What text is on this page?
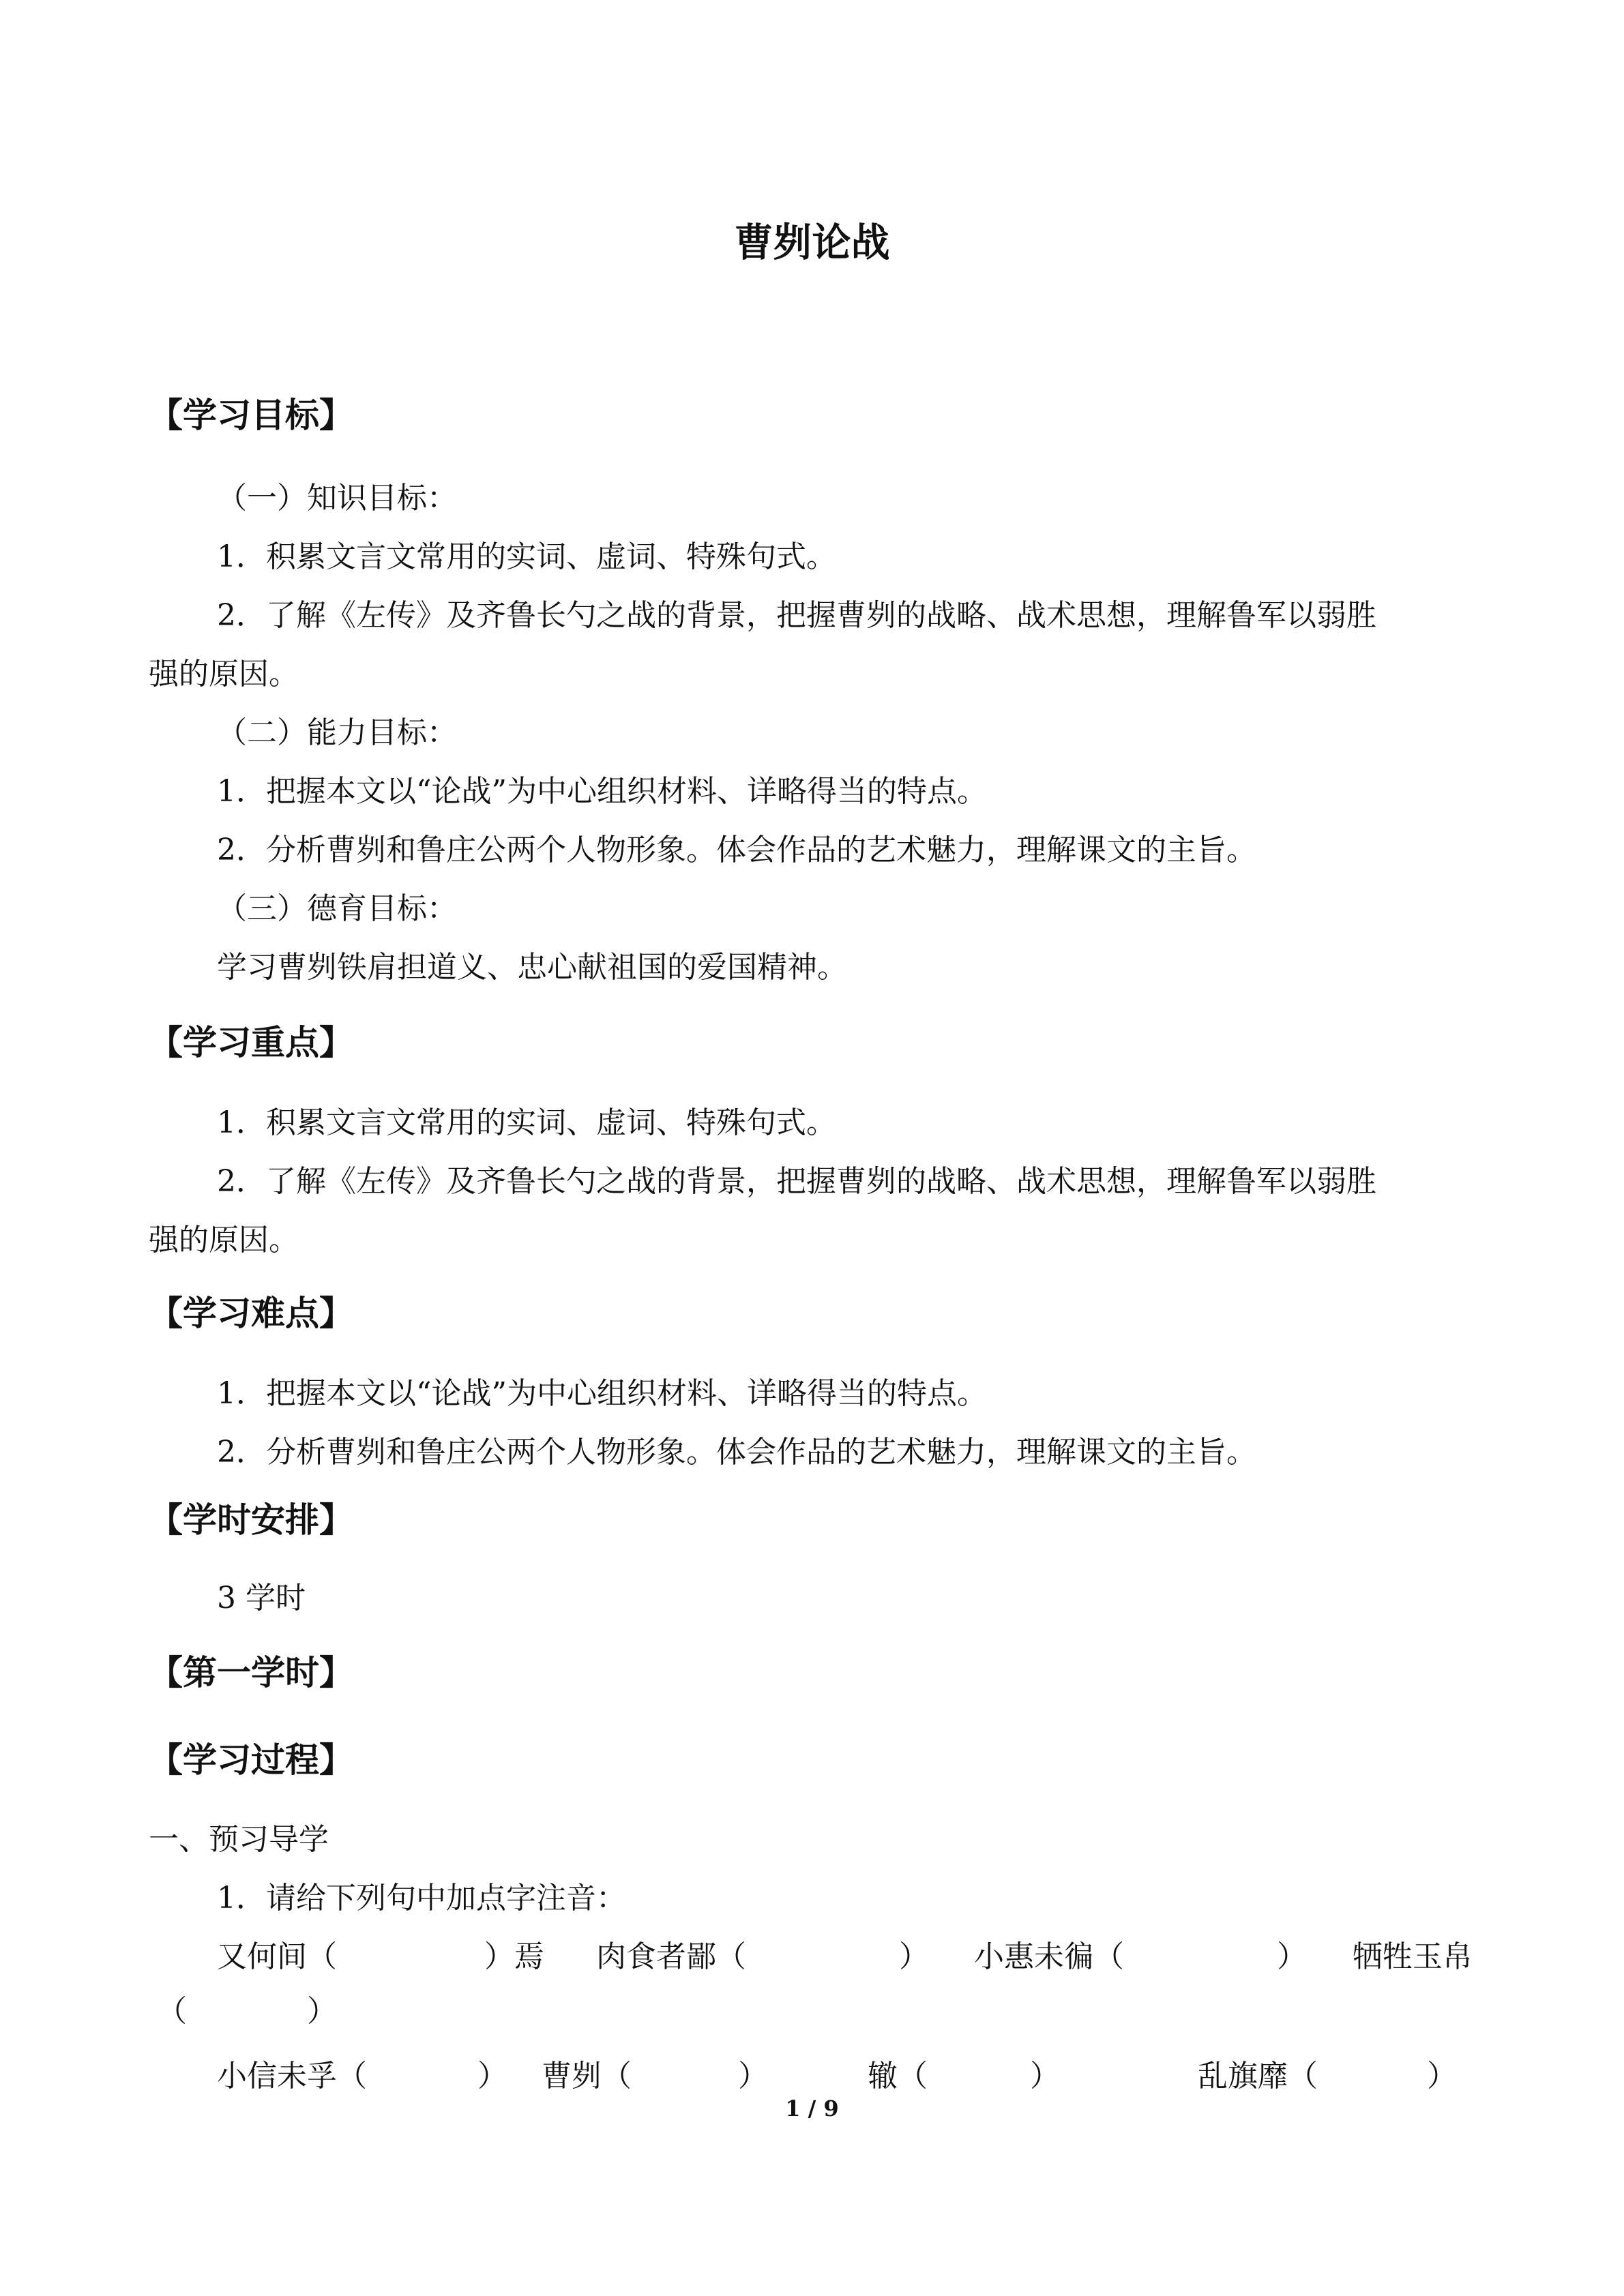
曹刿论战
【学习目标】
（一）知识目标：
1．积累文言文常用的实词、虚词、特殊句式。
2．了解《左传》及齐鲁长勺之战的背景，把握曹刿的战略、战术思想，理解鲁军以弱胜
强的原因。
（二）能力目标：
1．把握本文以“论战”为中心组织材料、详略得当的特点。
2．分析曹刿和鲁庄公两个人物形象。体会作品的艺术魅力，理解课文的主旨。
（三）德育目标：
学习曹刿铁肩担道义、忠心献祖国的爱国精神。
【学习重点】
1．积累文言文常用的实词、虚词、特殊句式。
2．了解《左传》及齐鲁长勺之战的背景，把握曹刿的战略、战术思想，理解鲁军以弱胜
强的原因。
【学习难点】
1．把握本文以“论战”为中心组织材料、详略得当的特点。
2．分析曹刿和鲁庄公两个人物形象。体会作品的艺术魅力，理解课文的主旨。
【学时安排】
3 学时
【第一学时】
【学习过程】
一、预习导学
1．请给下列句中加点字注音：
又何间（	）焉 肉食者鄙（	） 小惠未徧（	） 牺牲玉帛
（　　　　）
小信未孚（	） 曹刿（	）	辙（	）	乱旗靡（	）
1 / 9
